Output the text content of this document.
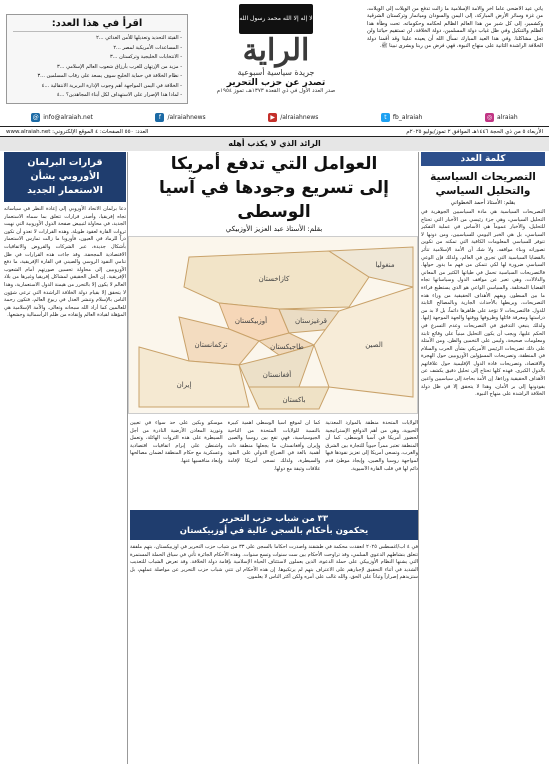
يأتي عيد الأضحى عاماً آخر والأمة الإسلامية ما زالت تدفع من الويلات إلى الويلات، من غزة وسائر الأرض المباركة، إلى اليمن والسودان وميانمار وتركستان الشرقية وكشمير، إلى كل شبر من هذا العالم الظالم لحكامه وحكوماته. تحت وطأة هذا الظلم والتنكيل وفي ظل غياب دولة المسلمين، دولة الخلافة، لن تستقيم حياتنا ولن تحل مشاكلنا. وفي هذا العيد المبارك نسأل الله أن يعيده علينا وقد أقمنا دولة الخلافة الراشدة الثانية على منهاج النبوة، فهي فرض من ربنا وبشرى نبينا ﷺ.
لا إله إلا الله محمد رسول الله
الراية
جريدة سياسية أسبوعية
تصدر عن حزب التحرير
صدر العدد الأول في ذي القعدة ١٣٧٣هـ، تموز ١٩٥٤م
اقرأ في هذا العدد:
- القيئة التحديد وتعديلها للأمن الغذائي ...٢
- المساعدات الأمريكية لمصر ...٢
- الانتخابات الخليجية وتركستان ...٣
- مزيد من الإرتهان للغرب بأرزاق شعوب العالم الإسلامي ...٣
- نظام الخلافة في حماية الخليج سوف يسعد على رقاب المسلمين ...٣
- الخلافة في اليمن المواجهة أهم وجوب الإدارة البربرية الانتقالية ...٤
- لماذا هذا الإصرار على الاستهداف لكل أبناء المجاهدين؟ ...٤
@ info@alraiah.net	f	/alraiahnews	▶ /alraiahnews	t	fb_alraiah	◎ alraiah
الأربعاء ٥ من ذي الحجة ١٤٤٦هـ الموافق ٢ تموز/يوليو ٢٠٢٥م
العدد: ٥٥٠ الصفحات: ٤ الموقع الإلكتروني: www.alraiah.net
الرائد الذي لا يكذب أهله
كلمة العدد
التصريحات السياسية والتحليل السياسي
بقلم: الأستاذ أحمد الخطواني
التصريحات السياسية هي مادة السياسيين الجوهرية في التحليل السياسي، وهي جزء رئيسي من الأخبار التي تحتاج للتحليل، والأخبار عموماً هي الأساس في عملية التفكير السياسي، بل هي الخبر اليومي للسياسيين، ومن دونها لا تتوفر للسياسي المعلومات الكافية التي تمكنه من تكوين تصوراته وبناء مواقفه. ولا شك أن الأمة الإسلامية تتأثر بالقضايا السياسية التي تجري في العالم، ولذلك فإن الوعي السياسي ضرورة لها لكي تتمكن من فهم ما يدور حولها. فالتصريحات السياسية تحمل في طياتها الكثير من المعاني والدلالات، وهي تعبر عن مواقف الدول وسياساتها تجاه القضايا المختلفة. والسياسي الواعي هو الذي يستطيع قراءة ما بين السطور، ويفهم الأهداف الحقيقية من وراء هذه التصريحات، ويربطها بالأحداث الجارية وبالمصالح الثابتة للدول. فالتصريحات لا تؤخذ على ظاهرها دائماً، بل لا بد من دراستها ومعرفة قائلها وظروفها ووقتها والجهة الموجهة إليها. ولذلك ينبغي التدقيق في التصريحات وعدم التسرع في الحكم عليها، ويجب أن يكون التحليل مبنياً على وقائع ثابتة ومعلومات صحيحة، وليس على التخمين والظن. ومن الأمثلة على ذلك تصريحات الرئيس الأمريكي بشأن الحرب والسلام في المنطقة، وتصريحات المسؤولين الأوروبيين حول الهجرة والاقتصاد، وتصريحات قادة الدول الإقليمية حول علاقاتهم بالدول الكبرى. فهذه كلها تحتاج إلى تحليل دقيق يكشف عن الأهداف الحقيقية وراءها. إن الأمة بحاجة إلى سياسيين واعين يقودونها إلى بر الأمان، وهذا لا يتحقق إلا في ظل دولة الخلافة الراشدة على منهاج النبوة.
العوامل التي تدفع أمريكا
إلى تسريع وجودها في آسيا الوسطى
بقلم: الأستاذ عبد العزيز الأوزبيكي
كازاخستان
أوزبيكستان	قرغيزستان
تركمانستان	طاجيكستان
منغوليا
الصين
أفغانستان
إيران
باكستان
الولايات المتحدة منطقة بالموارد المعدنية الحيوية، وهي من أهم الدوافع الإستراتيجية لحضور أمريكا في آسيا الوسطى. كما أن المنطقة تعتبر ممراً حيوياً للتجارة بين الشرق والغرب، وتسعى أمريكا إلى تعزيز نفوذها فيها لمواجهة روسيا والصين، وإيجاد موطئ قدم دائم لها في قلب القارة الآسيوية.
كما أن لموقع آسيا الوسطى أهمية كبيرة بالنسبة للولايات المتحدة من الناحية الجيوسياسية، فهي تقع بين روسيا والصين وإيران وأفغانستان، ما يجعلها منطقة ذات أهمية بالغة في الصراع الدولي على النفوذ والسيطرة، ولذلك تسعى أمريكا لإقامة علاقات وثيقة مع دولها.
موسكو وبكين على حد سواء في تعيين وتوريد المعادن الأرضية النادرة من أجل السيطرة على هذه الثروات الهائلة، وتعمل واشنطن على إبرام اتفاقيات اقتصادية وعسكرية مع حكام المنطقة لضمان مصالحها وإبعاد منافسيها عنها.
٣٣ من شباب حزب التحرير
يحكمون بأحكام بالسجن عالية في أوزبيكستان
في ٤ آب/أغسطس ٢٠٢٥ انعقدت محكمة في طشقند وأصدرت أحكاماً بالسجن على ٣٣ من شباب حزب التحرير في أوزبيكستان، بتهم ملفقة تتعلق بنشاطهم الدعوي السلمي، وقد تراوحت الأحكام بين ست سنوات وتسع سنوات. وهذه الأحكام الجائرة تأتي في سياق الحملة المستمرة التي يشنها النظام الأوزبيكي على حملة الدعوة، الذين يعملون لاستئناف الحياة الإسلامية بإقامة دولة الخلافة. وقد تعرض الشباب للتعذيب الشديد في أثناء التحقيق لإجبارهم على الاعتراف بتهم لم يرتكبوها. إن هذه الأحكام لن تثني شباب حزب التحرير عن مواصلة عملهم، بل ستزيدهم إصراراً وثباتاً على الحق، والله غالب على أمره ولكن أكثر الناس لا يعلمون.
قرارات البرلمان الأوروبي بشأن الاستعمار الجديد
دعا برلمان الاتحاد الأوروبي إلى إعادة النظر في سياساته تجاه إفريقيا، وأصدر قرارات تتعلق بما سماه الاستعمار الجديد، في محاولة لتبييض صفحة الدول الأوروبية التي نهبت ثروات القارة لعقود طويلة. وهذه القرارات لا تعدو أن تكون ذراً للرماد في العيون، فأوروبا ما زالت تمارس الاستعمار بأشكال جديدة، عبر الشركات والقروض والاتفاقيات الاقتصادية المجحفة. وقد جاءت هذه القرارات في ظل تنامي النفوذ الروسي والصيني في القارة الإفريقية، ما دفع الأوروبيين إلى محاولة تحسين صورتهم أمام الشعوب الإفريقية. إن الحل الحقيقي لمشاكل إفريقيا وغيرها من بلاد العالم لا يكون إلا بالتحرر من هيمنة الدول الاستعمارية، وهذا لا يتحقق إلا بقيام دولة الخلافة الراشدة التي ترعى شؤون الناس بالإسلام وتنشر العدل في ربوع العالم، فتكون رحمة للعالمين كما أراد الله سبحانه وتعالى. والأمة الإسلامية هي المؤهلة لقيادة العالم وإنقاذه من ظلم الرأسمالية وجشعها.
